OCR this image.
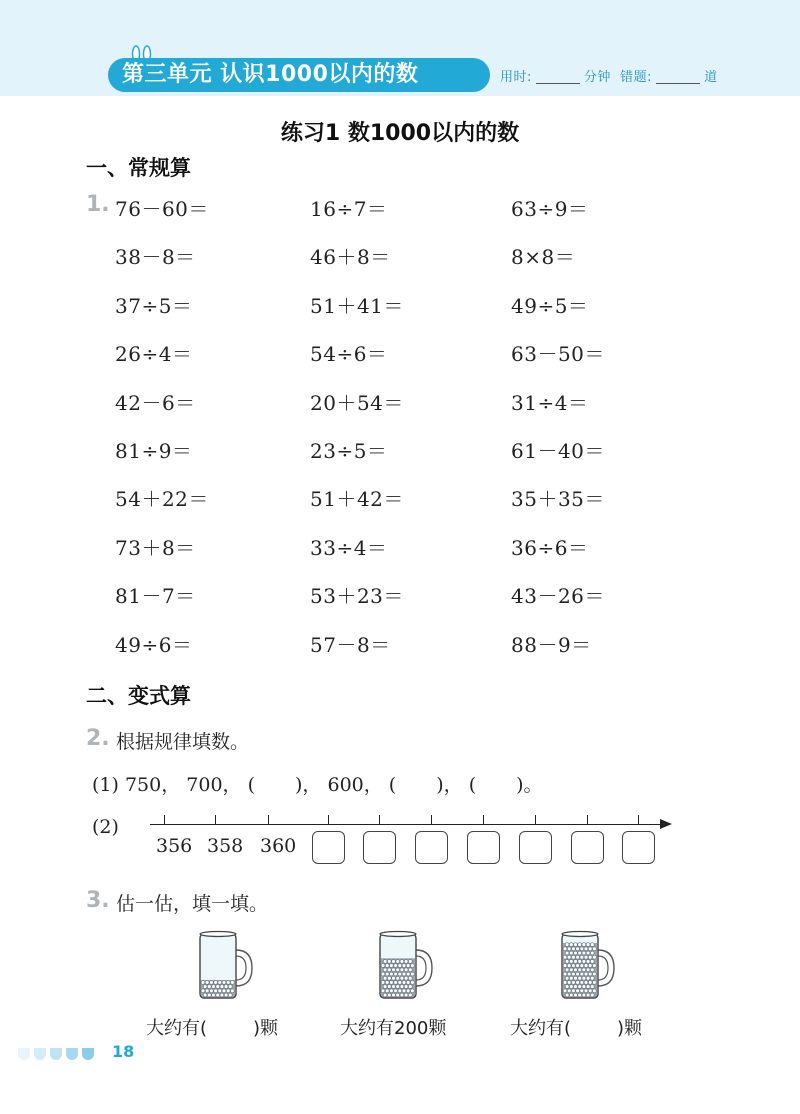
第三单元 认识1000以内的数	用时:	分钟 错题:	道
练习1 数1000以内的数
一、常规算
1. 76－60＝	16÷7＝	63÷9＝
38－8＝	46＋8＝	8×8＝
37÷5＝	51＋41＝	49÷5＝
26÷4＝	54÷6＝	63－50＝
42－6＝	20＋54＝	31÷4＝
81÷9＝	23÷5＝	61－40＝
54＋22＝	51＋42＝	35＋35＝
73＋8＝	33÷4＝	36÷6＝
81－7＝	53＋23＝	43－26＝
49÷6＝	57－8＝	88－9＝
二、变式算
2. 根据规律填数。
(1) 750， 700， ( )， 600， ( )， ( )。
(2)
356 358 360
3. 估一估，填一填。
大约有(	)颗	大约有200颗	大约有(	)颗
18
